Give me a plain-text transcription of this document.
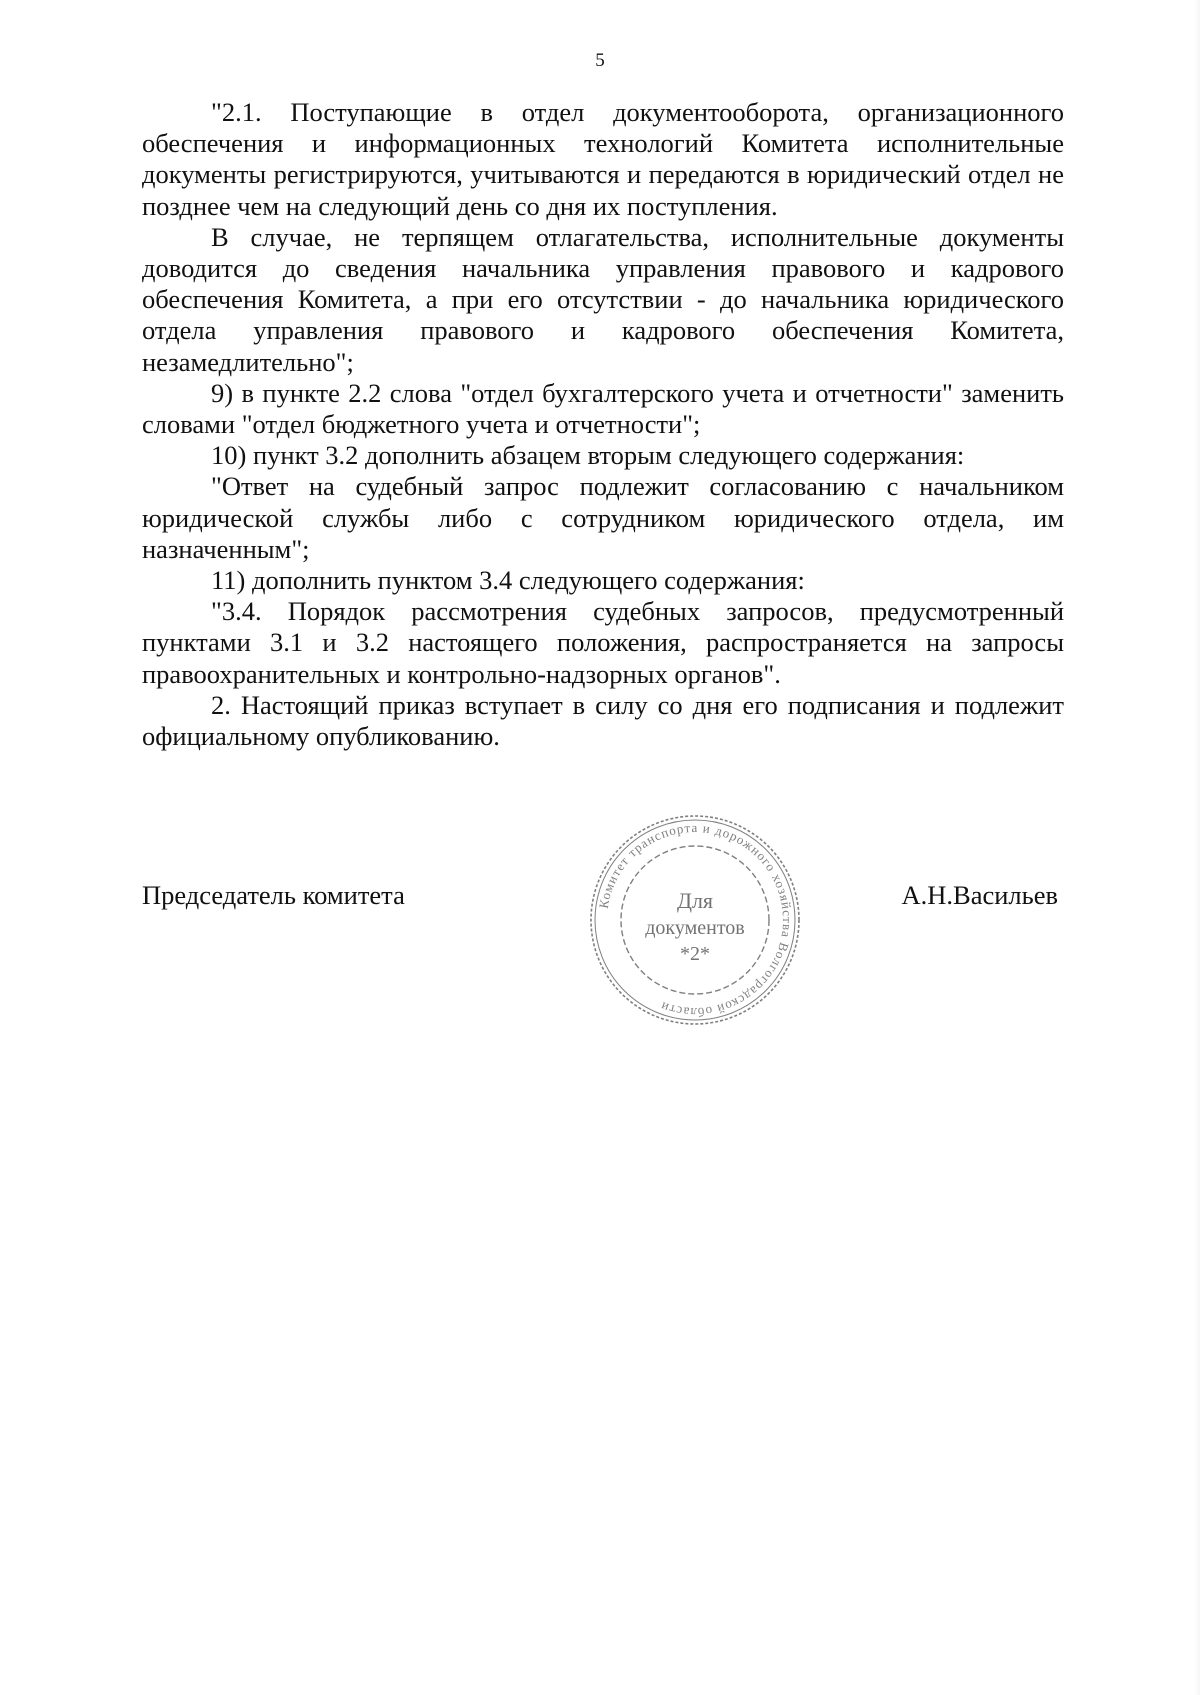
5

"2.1. Поступающие в отдел документооборота, организационного обеспечения и информационных технологий Комитета исполнительные документы регистрируются, учитываются и передаются в юридический отдел не позднее чем на следующий день со дня их поступления.

В случае, не терпящем отлагательства, исполнительные документы доводится до сведения начальника управления правового и кадрового обеспечения Комитета, а при его отсутствии - до начальника юридического отдела управления правового и кадрового обеспечения Комитета, незамедлительно";

9) в пункте 2.2 слова "отдел бухгалтерского учета и отчетности" заменить словами "отдел бюджетного учета и отчетности";

10) пункт 3.2 дополнить абзацем вторым следующего содержания:

"Ответ на судебный запрос подлежит согласованию с начальником юридической службы либо с сотрудником юридического отдела, им назначенным";

11) дополнить пунктом 3.4 следующего содержания:

"3.4. Порядок рассмотрения судебных запросов, предусмотренный пунктами 3.1 и 3.2 настоящего положения, распространяется на запросы правоохранительных и контрольно-надзорных органов".

2. Настоящий приказ вступает в силу со дня его подписания и подлежит официальному опубликованию.

Председатель комитета	А.Н.Васильев
Комитет транспорта и дорожного хозяйства Волгоградской области
Для
документов
*2*
